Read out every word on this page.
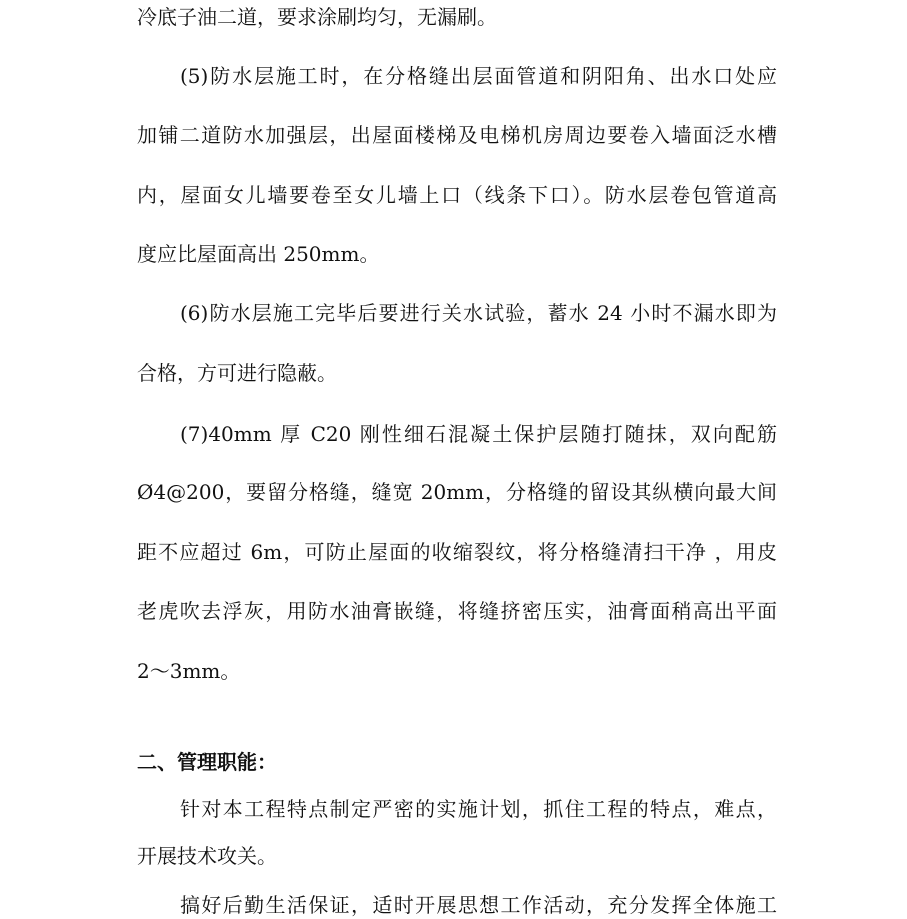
冷底子油二道，要求涂刷均匀，无漏刷。
(5)防水层施工时，在分格缝出层面管道和阴阳角、出水口处应
加铺二道防水加强层，出屋面楼梯及电梯机房周边要卷入墙面泛水槽
内，屋面女儿墙要卷至女儿墙上口（线条下口）。防水层卷包管道高
度应比屋面高出 250mm。
(6)防水层施工完毕后要进行关水试验，蓄水 24 小时不漏水即为
合格，方可进行隐蔽。
(7)40mm 厚 C20 刚性细石混凝土保护层随打随抹，双向配筋
Ø4@200，要留分格缝，缝宽 20mm，分格缝的留设其纵横向最大间
距不应超过 6m，可防止屋面的收缩裂纹，将分格缝清扫干净 ，用皮
老虎吹去浮灰，用防水油膏嵌缝，将缝挤密压实，油膏面稍高出平面
2～3mm。
二、管理职能：
针对本工程特点制定严密的实施计划，抓住工程的特点，难点，
开展技术攻关。
搞好后勤生活保证，适时开展思想工作活动，充分发挥全体施工
